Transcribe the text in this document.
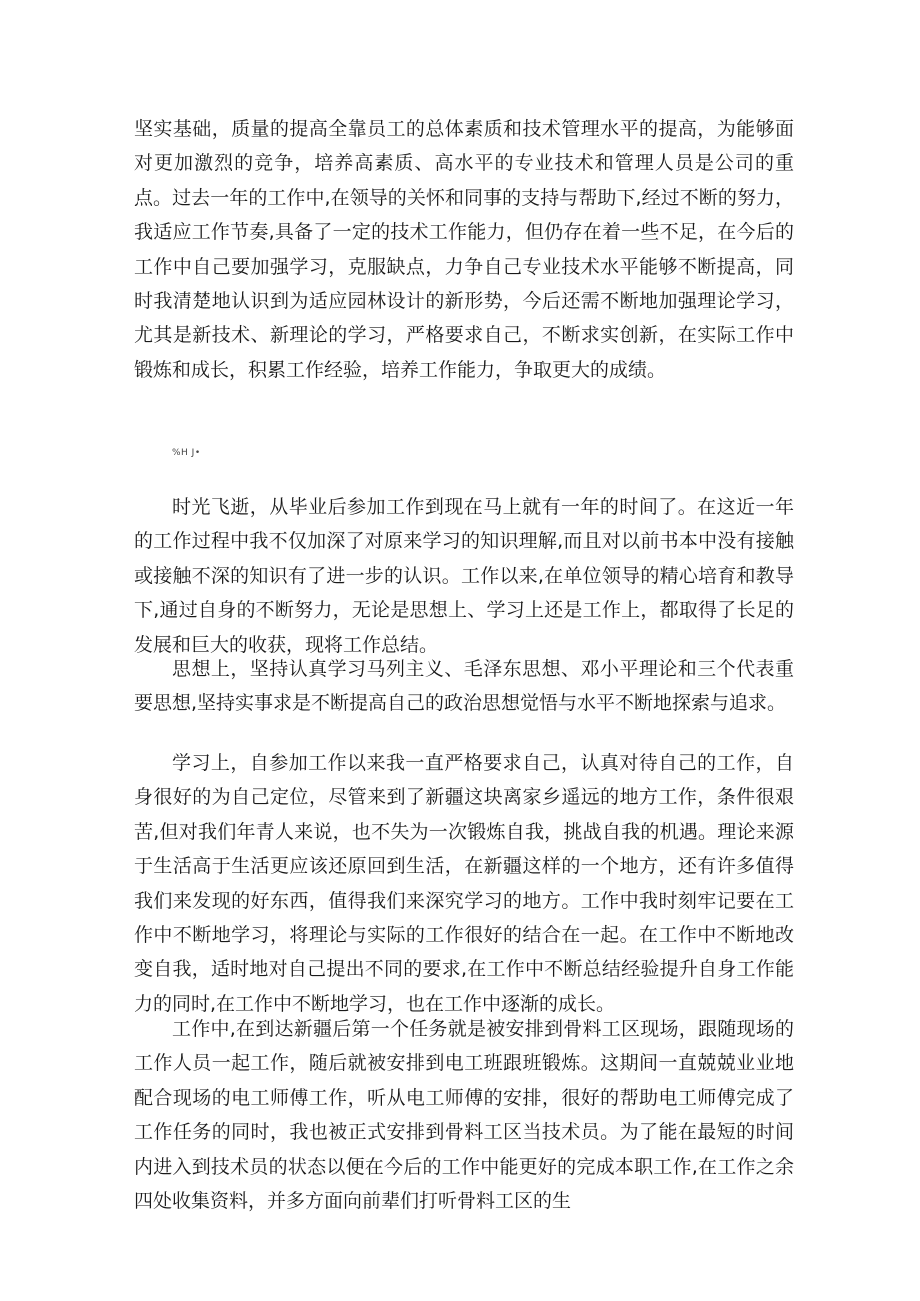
坚实基础，质量的提高全靠员工的总体素质和技术管理水平的提高，为能够面对更加激烈的竞争，培养高素质、高水平的专业技术和管理人员是公司的重点。过去一年的工作中,在领导的关怀和同事的支持与帮助下,经过不断的努力，我适应工作节奏,具备了一定的技术工作能力，但仍存在着一些不足，在今后的工作中自己要加强学习，克服缺点，力争自己专业技术水平能够不断提高，同时我清楚地认识到为适应园林设计的新形势，今后还需不断地加强理论学习，尤其是新技术、新理论的学习，严格要求自己，不断求实创新，在实际工作中锻炼和成长，积累工作经验，培养工作能力，争取更大的成绩。

%H J•

时光飞逝，从毕业后参加工作到现在马上就有一年的时间了。在这近一年的工作过程中我不仅加深了对原来学习的知识理解,而且对以前书本中没有接触或接触不深的知识有了进一步的认识。工作以来,在单位领导的精心培育和教导下,通过自身的不断努力，无论是思想上、学习上还是工作上，都取得了长足的发展和巨大的收获，现将工作总结。

思想上，坚持认真学习马列主义、毛泽东思想、邓小平理论和三个代表重要思想,坚持实事求是不断提高自己的政治思想觉悟与水平不断地探索与追求。

学习上，自参加工作以来我一直严格要求自己，认真对待自己的工作，自身很好的为自己定位，尽管来到了新疆这块离家乡遥远的地方工作，条件很艰苦,但对我们年青人来说，也不失为一次锻炼自我，挑战自我的机遇。理论来源于生活高于生活更应该还原回到生活，在新疆这样的一个地方，还有许多值得我们来发现的好东西，值得我们来深究学习的地方。工作中我时刻牢记要在工作中不断地学习，将理论与实际的工作很好的结合在一起。在工作中不断地改变自我，适时地对自己提出不同的要求,在工作中不断总结经验提升自身工作能力的同时,在工作中不断地学习，也在工作中逐渐的成长。

工作中,在到达新疆后第一个任务就是被安排到骨料工区现场，跟随现场的工作人员一起工作，随后就被安排到电工班跟班锻炼。这期间一直兢兢业业地配合现场的电工师傅工作，听从电工师傅的安排，很好的帮助电工师傅完成了工作任务的同时，我也被正式安排到骨料工区当技术员。为了能在最短的时间内进入到技术员的状态以便在今后的工作中能更好的完成本职工作,在工作之余四处收集资料，并多方面向前辈们打听骨料工区的生
